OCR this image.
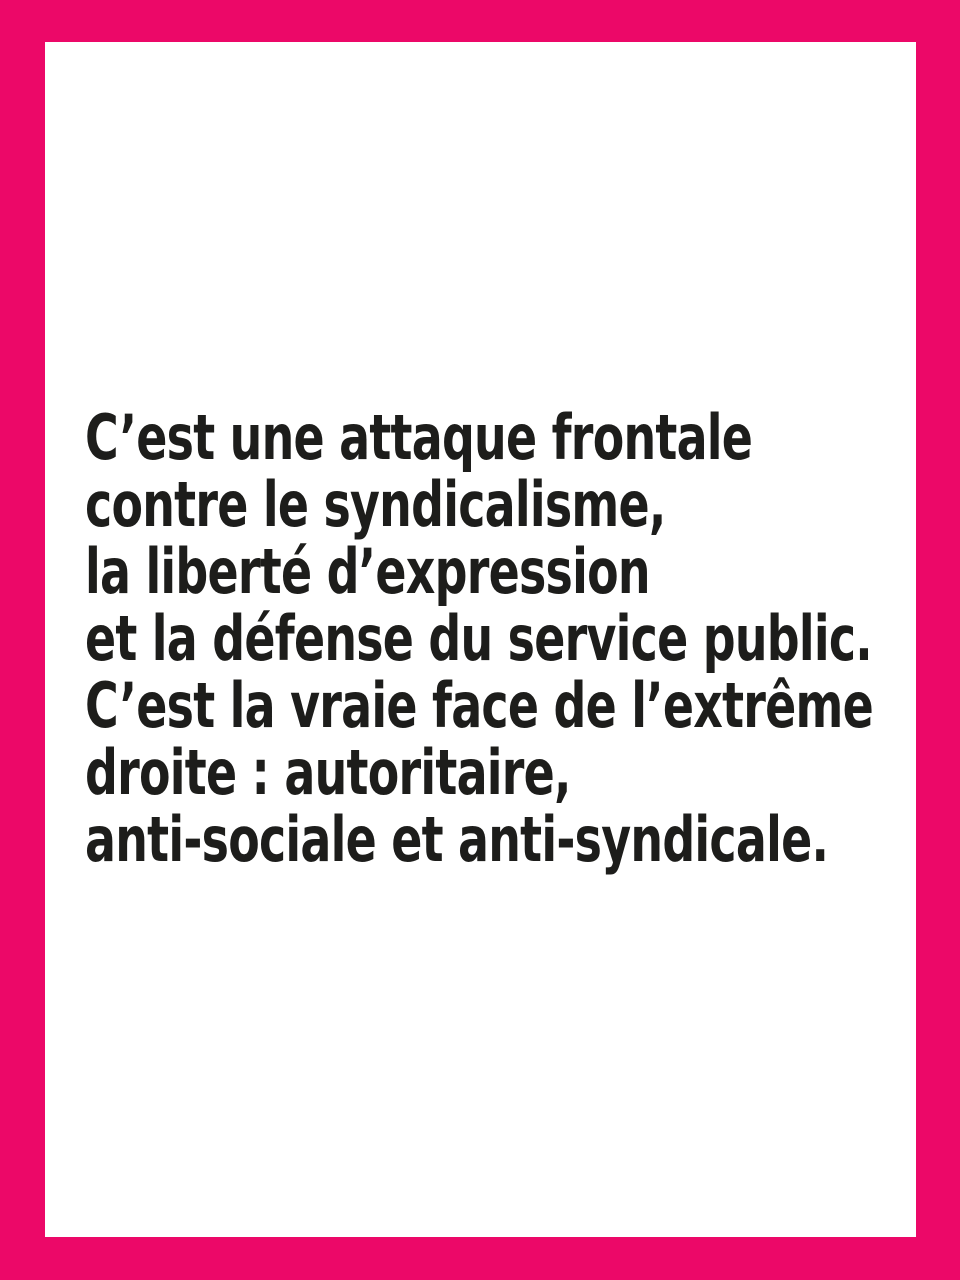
C’est une attaque frontale
contre le syndicalisme,
la liberté d’expression
et la défense du service public.
C’est la vraie face de l’extrême
droite : autoritaire,
anti-sociale et anti-syndicale.
